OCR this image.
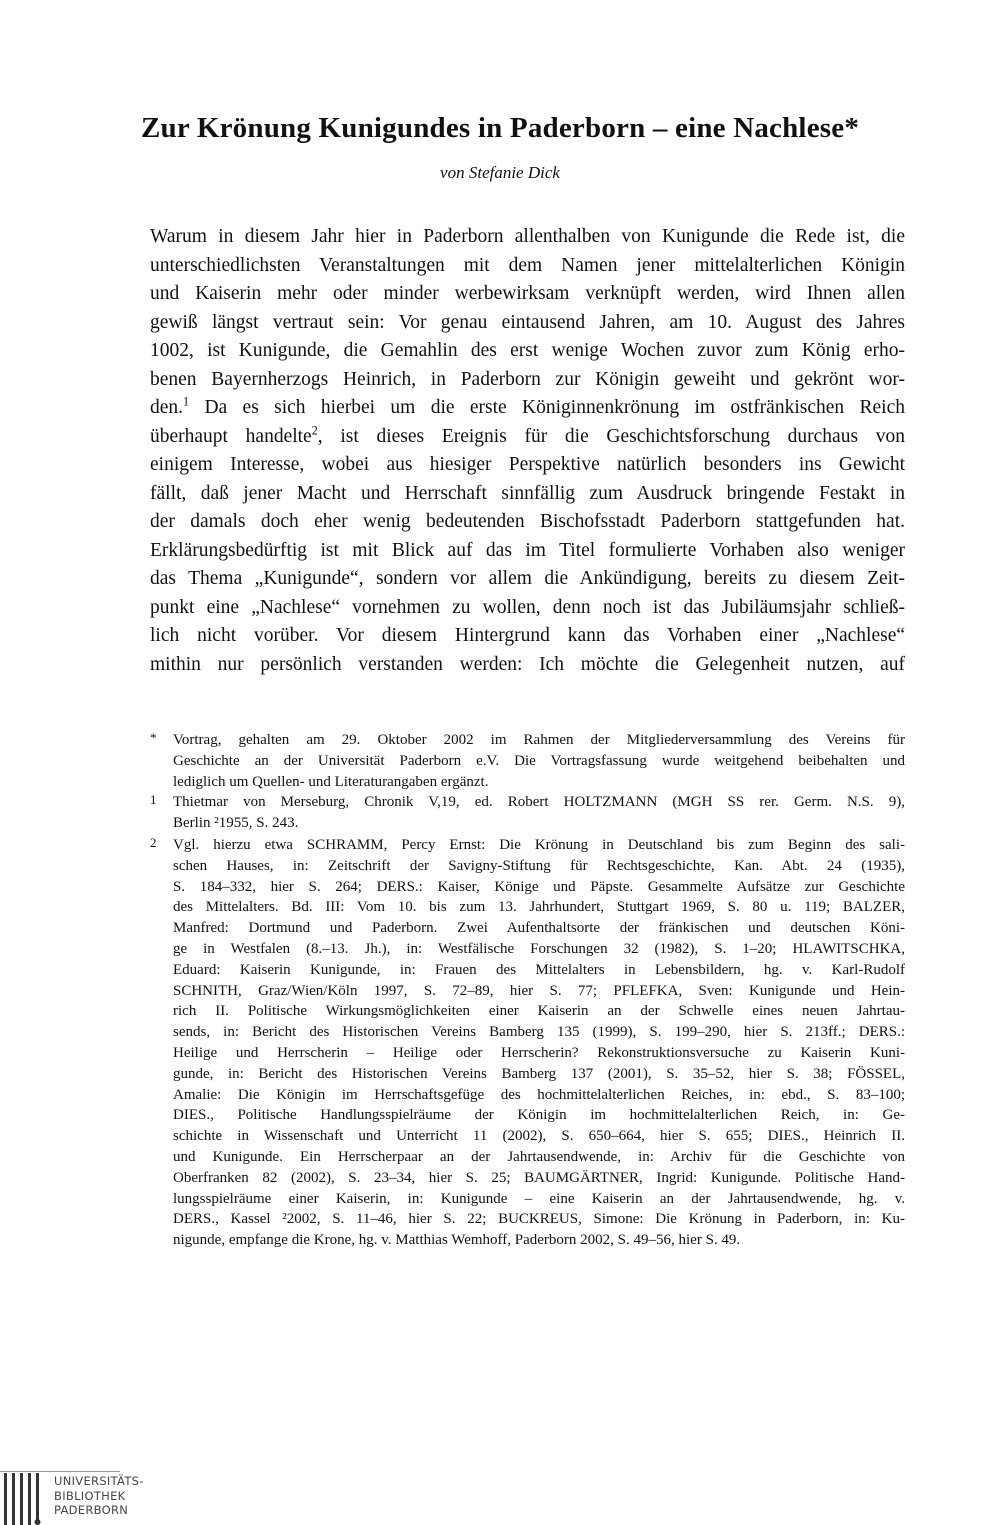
Zur Krönung Kunigundes in Paderborn – eine Nachlese*
von Stefanie Dick
Warum in diesem Jahr hier in Paderborn allenthalben von Kunigunde die Rede ist, die
unterschiedlichsten Veranstaltungen mit dem Namen jener mittelalterlichen Königin
und Kaiserin mehr oder minder werbewirksam verknüpft werden, wird Ihnen allen
gewiß längst vertraut sein: Vor genau eintausend Jahren, am 10. August des Jahres
1002, ist Kunigunde, die Gemahlin des erst wenige Wochen zuvor zum König erho-
benen Bayernherzogs Heinrich, in Paderborn zur Königin geweiht und gekrönt wor-
den.$^1$ Da es sich hierbei um die erste Königinnenkrönung im ostfränkischen Reich
überhaupt handelte$^2$, ist dieses Ereignis für die Geschichtsforschung durchaus von
einigem Interesse, wobei aus hiesiger Perspektive natürlich besonders ins Gewicht
fällt, daß jener Macht und Herrschaft sinnfällig zum Ausdruck bringende Festakt in
der damals doch eher wenig bedeutenden Bischofsstadt Paderborn stattgefunden hat.
Erklärungsbedürftig ist mit Blick auf das im Titel formulierte Vorhaben also weniger
das Thema „Kunigunde“, sondern vor allem die Ankündigung, bereits zu diesem Zeit-
punkt eine „Nachlese“ vornehmen zu wollen, denn noch ist das Jubiläumsjahr schließ-
lich nicht vorüber. Vor diesem Hintergrund kann das Vorhaben einer „Nachlese“
mithin nur persönlich verstanden werden: Ich möchte die Gelegenheit nutzen, auf
*	Vortrag, gehalten am 29. Oktober 2002 im Rahmen der Mitgliederversammlung des Vereins für
Geschichte an der Universität Paderborn e.V. Die Vortragsfassung wurde weitgehend beibehalten und
lediglich um Quellen- und Literaturangaben ergänzt.
1	Thietmar von Merseburg, Chronik V,19, ed. Robert HOLTZMANN (MGH SS rer. Germ. N.S. 9),
Berlin ²1955, S. 243.
2	Vgl. hierzu etwa SCHRAMM, Percy Ernst: Die Krönung in Deutschland bis zum Beginn des sali-
schen Hauses, in: Zeitschrift der Savigny-Stiftung für Rechtsgeschichte, Kan. Abt. 24 (1935),
S. 184–332, hier S. 264; DERS.: Kaiser, Könige und Päpste. Gesammelte Aufsätze zur Geschichte
des Mittelalters. Bd. III: Vom 10. bis zum 13. Jahrhundert, Stuttgart 1969, S. 80 u. 119; BALZER,
Manfred: Dortmund und Paderborn. Zwei Aufenthaltsorte der fränkischen und deutschen Köni-
ge in Westfalen (8.–13. Jh.), in: Westfälische Forschungen 32 (1982), S. 1–20; HLAWITSCHKA,
Eduard: Kaiserin Kunigunde, in: Frauen des Mittelalters in Lebensbildern, hg. v. Karl-Rudolf
SCHNITH, Graz/Wien/Köln 1997, S. 72–89, hier S. 77; PFLEFKA, Sven: Kunigunde und Hein-
rich II. Politische Wirkungsmöglichkeiten einer Kaiserin an der Schwelle eines neuen Jahrtau-
sends, in: Bericht des Historischen Vereins Bamberg 135 (1999), S. 199–290, hier S. 213ff.; DERS.:
Heilige und Herrscherin – Heilige oder Herrscherin? Rekonstruktionsversuche zu Kaiserin Kuni-
gunde, in: Bericht des Historischen Vereins Bamberg 137 (2001), S. 35–52, hier S. 38; FÖSSEL,
Amalie: Die Königin im Herrschaftsgefüge des hochmittelalterlichen Reiches, in: ebd., S. 83–100;
DIES., Politische Handlungsspielräume der Königin im hochmittelalterlichen Reich, in: Ge-
schichte in Wissenschaft und Unterricht 11 (2002), S. 650–664, hier S. 655; DIES., Heinrich II.
und Kunigunde. Ein Herrscherpaar an der Jahrtausendwende, in: Archiv für die Geschichte von
Oberfranken 82 (2002), S. 23–34, hier S. 25; BAUMGÄRTNER, Ingrid: Kunigunde. Politische Hand-
lungsspielräume einer Kaiserin, in: Kunigunde – eine Kaiserin an der Jahrtausendwende, hg. v.
DERS., Kassel ²2002, S. 11–46, hier S. 22; BUCKREUS, Simone: Die Krönung in Paderborn, in: Ku-
nigunde, empfange die Krone, hg. v. Matthias Wemhoff, Paderborn 2002, S. 49–56, hier S. 49.
UNIVERSITÄTS-
BIBLIOTHEK
PADERBORN
